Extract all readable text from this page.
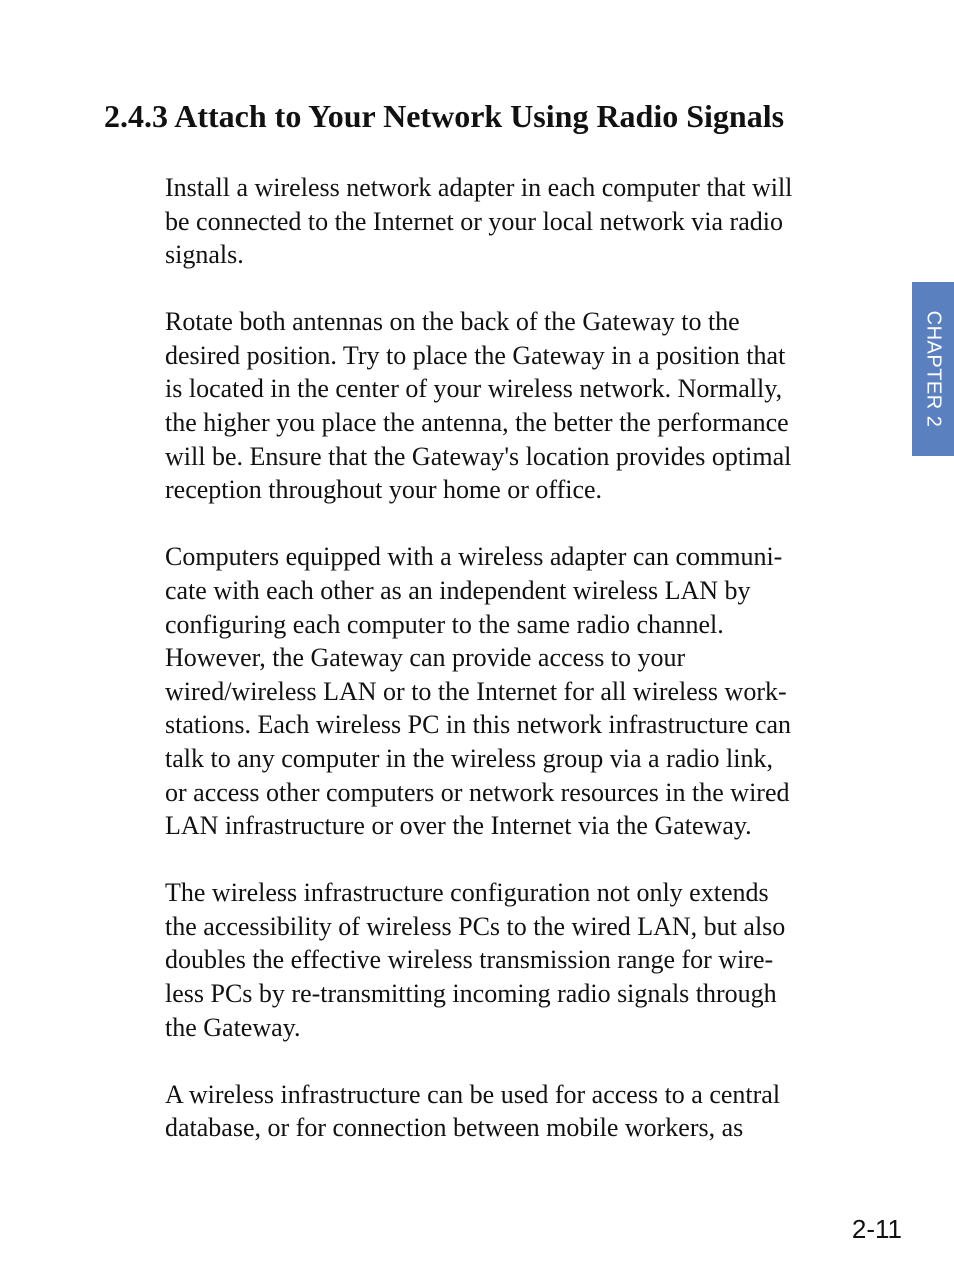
2.4.3 Attach to Your Network Using Radio Signals

Install a wireless network adapter in each computer that will
be connected to the Internet or your local network via radio
signals.

Rotate both antennas on the back of the Gateway to the
desired position. Try to place the Gateway in a position that
is located in the center of your wireless network. Normally,
the higher you place the antenna, the better the performance
will be. Ensure that the Gateway's location provides optimal
reception throughout your home or office.

Computers equipped with a wireless adapter can communi-
cate with each other as an independent wireless LAN by
configuring each computer to the same radio channel.
However, the Gateway can provide access to your
wired/wireless LAN or to the Internet for all wireless work-
stations. Each wireless PC in this network infrastructure can
talk to any computer in the wireless group via a radio link,
or access other computers or network resources in the wired
LAN infrastructure or over the Internet via the Gateway.

The wireless infrastructure configuration not only extends
the accessibility of wireless PCs to the wired LAN, but also
doubles the effective wireless transmission range for wire-
less PCs by re-transmitting incoming radio signals through
the Gateway.

A wireless infrastructure can be used for access to a central
database, or for connection between mobile workers, as

CHAPTER 2
2-11
